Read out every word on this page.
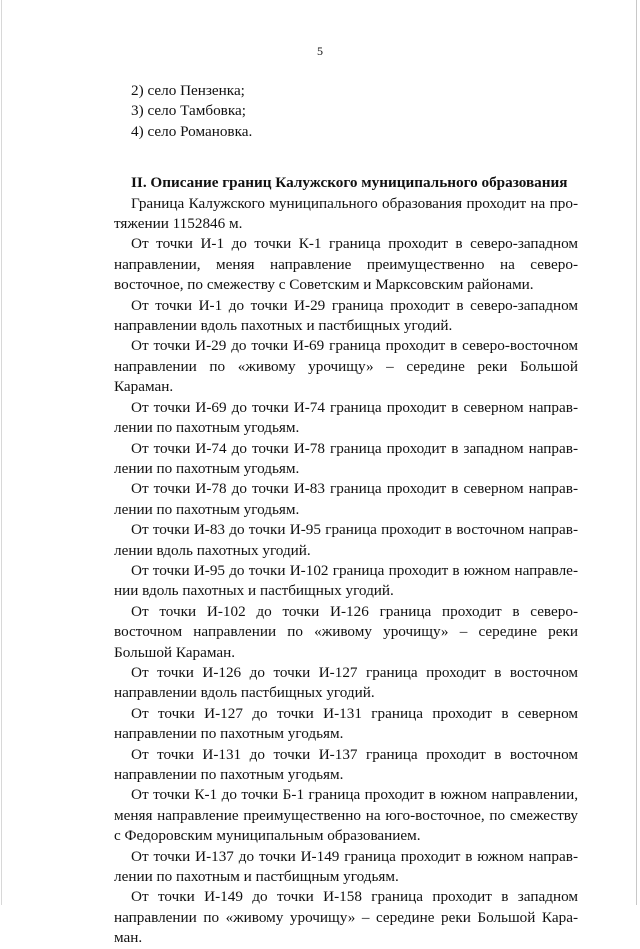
5

2) село Пензенка;

3) село Тамбовка;

4) село Романовка.

II. Описание границ Калужского муниципального образования

Граница Калужского муниципального образования проходит на протяжении 1152846 м.

От точки И-1 до точки К-1 граница проходит в северо-западном направлении, меняя направление преимущественно на северо-восточное, по смежеству с Советским и Марксовским районами.

От точки И-1 до точки И-29 граница проходит в северо-западном направлении вдоль пахотных и пастбищных угодий.

От точки И-29 до точки И-69 граница проходит в северо-восточном направлении по «живому урочищу» – середине реки Большой Караман.

От точки И-69 до точки И-74 граница проходит в северном направлении по пахотным угодьям.

От точки И-74 до точки И-78 граница проходит в западном направлении по пахотным угодьям.

От точки И-78 до точки И-83 граница проходит в северном направлении по пахотным угодьям.

От точки И-83 до точки И-95 граница проходит в восточном направлении вдоль пахотных угодий.

От точки И-95 до точки И-102 граница проходит в южном направлении вдоль пахотных и пастбищных угодий.

От точки И-102 до точки И-126 граница проходит в северо-восточном направлении по «живому урочищу» – середине реки Большой Караман.

От точки И-126 до точки И-127 граница проходит в восточном направлении вдоль пастбищных угодий.

От точки И-127 до точки И-131 граница проходит в северном направлении по пахотным угодьям.

От точки И-131 до точки И-137 граница проходит в восточном направлении по пахотным угодьям.

От точки К-1 до точки Б-1 граница проходит в южном направлении, меняя направление преимущественно на юго-восточное, по смежеству с Федоровским муниципальным образованием.

От точки И-137 до точки И-149 граница проходит в южном направлении по пахотным и пастбищным угодьям.

От точки И-149 до точки И-158 граница проходит в западном направлении по «живому урочищу» – середине реки Большой Караман.
